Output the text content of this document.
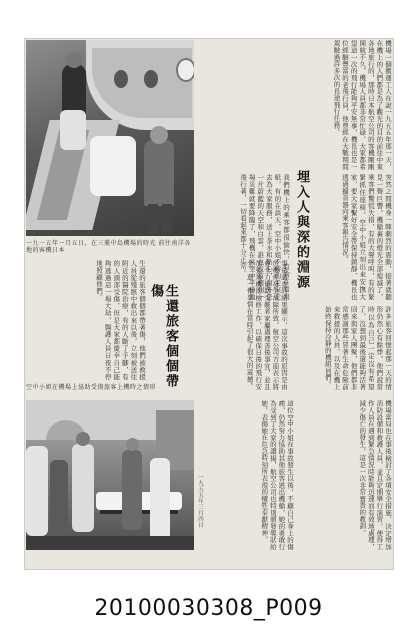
一九一五年一月五日，在三菱中島機場的時光 前往南洋各地的客機日本
空中小姐在機場上協助受傷旅客上機時之情形
機場一個搬運工人在說一九五五年那一天，在機上的人們都是為了觀光的目的前往中東各地旅行的，那時日本航空公司的客機剛剛開航不久，機場人員都非常忙碌，大家都希望這一次的飛行能夠平安無事，機長也是一位經驗豐富的老飛行員，他曾經在大戰期間駕駛過許多次的長途飛行任務。
埋入人與深的淵源
我們機上的乘客都很愉快，有的在看報紙，有的在談天，空中小姐不時的走來走去為大家服務，送上茶水和點心，窗外是一片蔚藍的天空和白雲，誰也沒有想到一場災難就要降臨了，飛機在高空中平穩地飛行著，一切看起來都十分正常。	突然之間機身一陣劇烈的震動，接著就聽見一聲巨響，機艙裏的燈光全部熄滅了，乘客們驚慌失措，有的大聲呼叫，有的緊緊抓住座椅，空中小姐立刻出來安撫大家，要大家繫好安全帶保持鎮靜，機長也透過擴音器向乘客報告情況。
生還的旅客個個都帶著傷，他們被救援人員從殘骸中救出來以後，立刻被送往附近的醫院治療，有的人斷了手腳，有的人頭部受傷，但是大家都慶幸自己能夠逃過這一場大劫，醫護人員日夜不停地照顧他們。
生還旅客個個帶傷	事後調查的結果顯示，這次事故的原因是由於機件發生故障所致，航空公司方面表示將會全力協助受難者家屬處理善後事宜，並且加強飛機的檢修工作，以確保日後的飛行安全，這一件事情在當時引起了很大的震撼。	許多旅客回憶起那一天的情形仍然心有餘悸，他們說當時以為自己一定沒有希望了，沒想到最後還能夠活著回來與家人團聚，他們都非常感謝那些冒著生命危險前來救援的人員，以及在機上始終保持冷靜的機組員們。
這位空中小姐在事故發生以後，不顧自己身上的傷痛，仍然努力協助其他旅客逃出機艙，她的勇敢行為受到了大家的讚揚，航空公司也特別頒發獎狀給她，表揚她在危急時刻所表現的犧牲奉獻精神。	機場當局也在事後檢討了各項安全措施，決定增加消防設備和救護人員，並且定期舉行演習，使得工作人員在遇到緊急情況時能夠迅速而有效地處理，減少傷亡的發生，這是一次非常寶貴的教訓。
一九五五年三月四日
20100030308_P009
